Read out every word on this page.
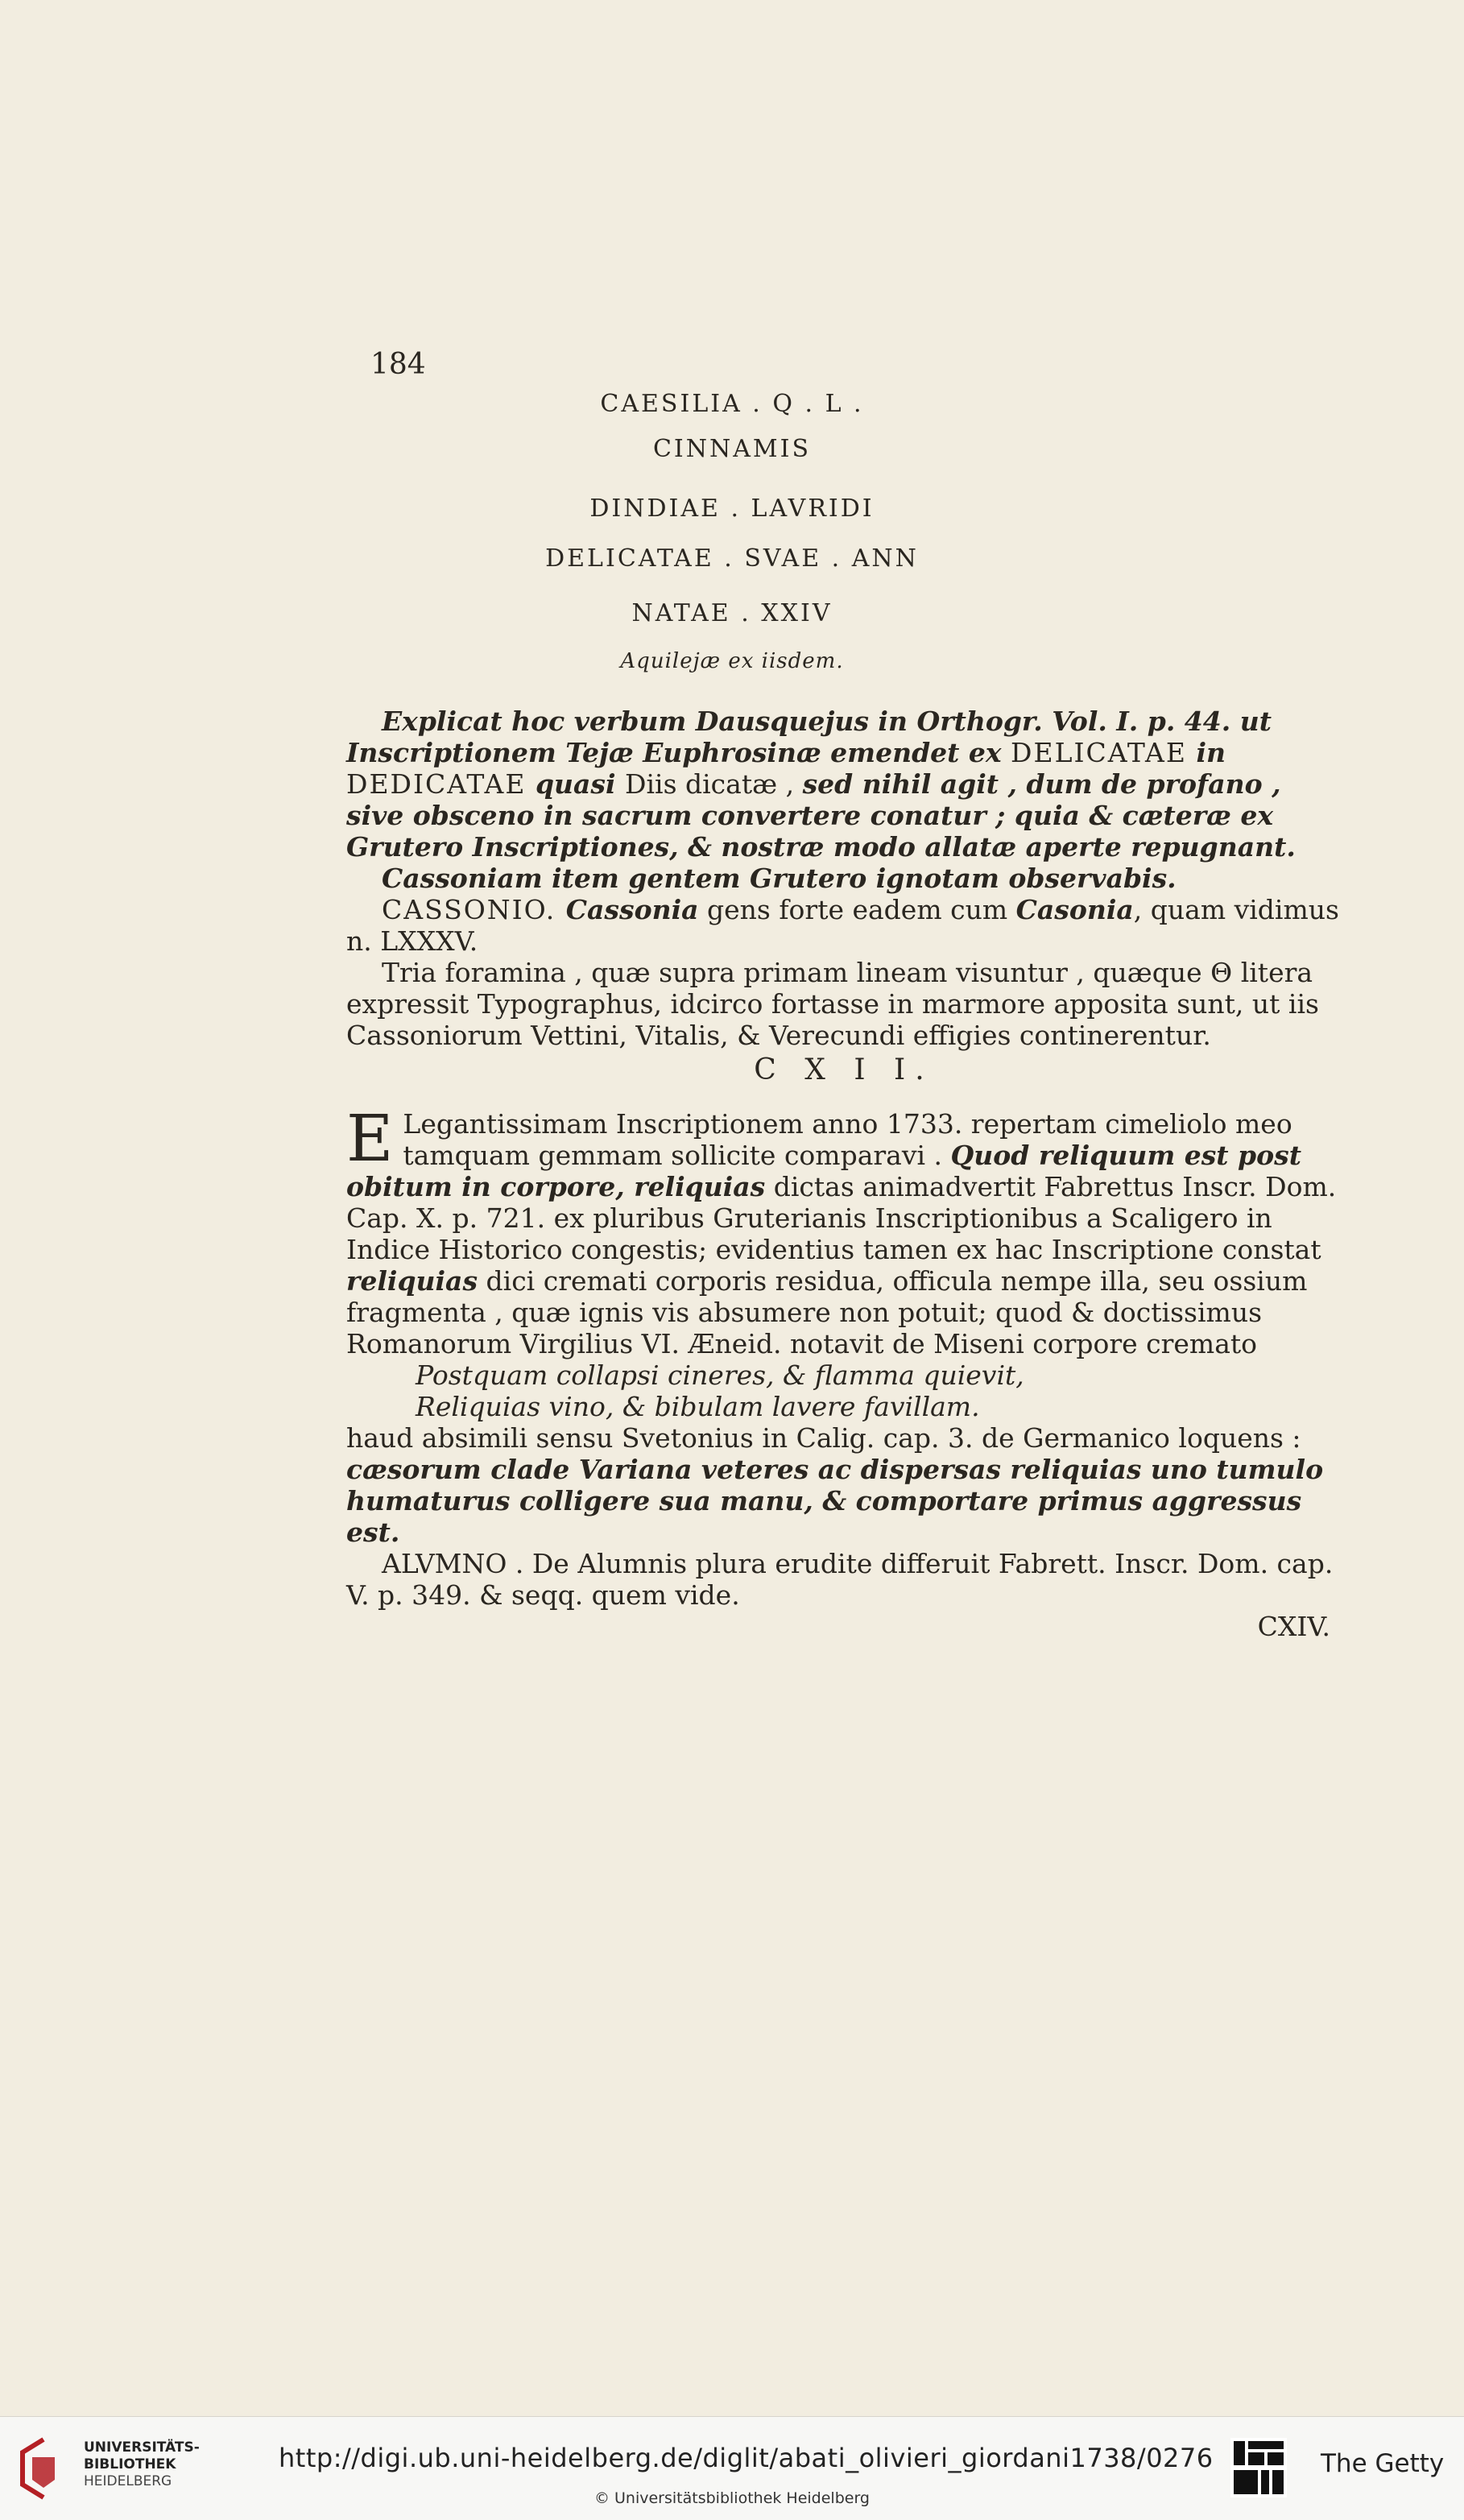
184
CAESILIA . Q . L .
CINNAMIS
DINDIAE . LAVRIDI
DELICATAE . SVAE . ANN
NATAE . XXIV
Aquilejæ ex iisdem.

Explicat hoc verbum Dausquejus in Orthogr. Vol. I. p. 44. ut Inscriptionem Tejæ Euphrosinæ emendet ex DELICATAE in DEDICATAE quasi Diis dicatæ , sed nihil agit , dum de profano , sive obsceno in sacrum convertere conatur ; quia & cæteræ ex Grutero Inscriptiones, & nostræ modo allatæ aperte repugnant.

Cassoniam item gentem Grutero ignotam observabis.

CASSONIO. Cassonia gens forte eadem cum Casonia, quam vidimus n. LXXXV.

Tria foramina , quæ supra primam lineam visuntur , quæque Θ litera expressit Typographus, idcirco fortasse in marmore apposita sunt, ut iis Cassoniorum Vettini, Vitalis, & Verecundi effigies continerentur.

C X I I.

E Legantissimam Inscriptionem anno 1733. repertam cimeliolo meo tamquam gemmam sollicite comparavi . Quod reliquum est post obitum in corpore, reliquias dictas animadvertit Fabrettus Inscr. Dom. Cap. X. p. 721. ex pluribus Gruterianis Inscriptionibus a Scaligero in Indice Historico congestis; evidentius tamen ex hac Inscriptione constat reliquias dici cremati corporis residua, officula nempe illa, seu ossium fragmenta , quæ ignis vis absumere non potuit; quod & doctissimus Romanorum Virgilius VI. Æneid. notavit de Miseni corpore cremato

Postquam collapsi cineres, & flamma quievit,

Reliquias vino, & bibulam lavere favillam.

haud absimili sensu Svetonius in Calig. cap. 3. de Germanico loquens : cæsorum clade Variana veteres ac dispersas reliquias uno tumulo humaturus colligere sua manu, & comportare primus aggressus est.

ALVMNO . De Alumnis plura erudite differuit Fabrett. Inscr. Dom. cap. V. p. 349. & seqq. quem vide.

CXIV.

UNIVERSITÄTS-
BIBLIOTHEK
HEIDELBERG
http://digi.ub.uni-heidelberg.de/diglit/abati_olivieri_giordani1738/0276
© Universitätsbibliothek Heidelberg
The Getty
